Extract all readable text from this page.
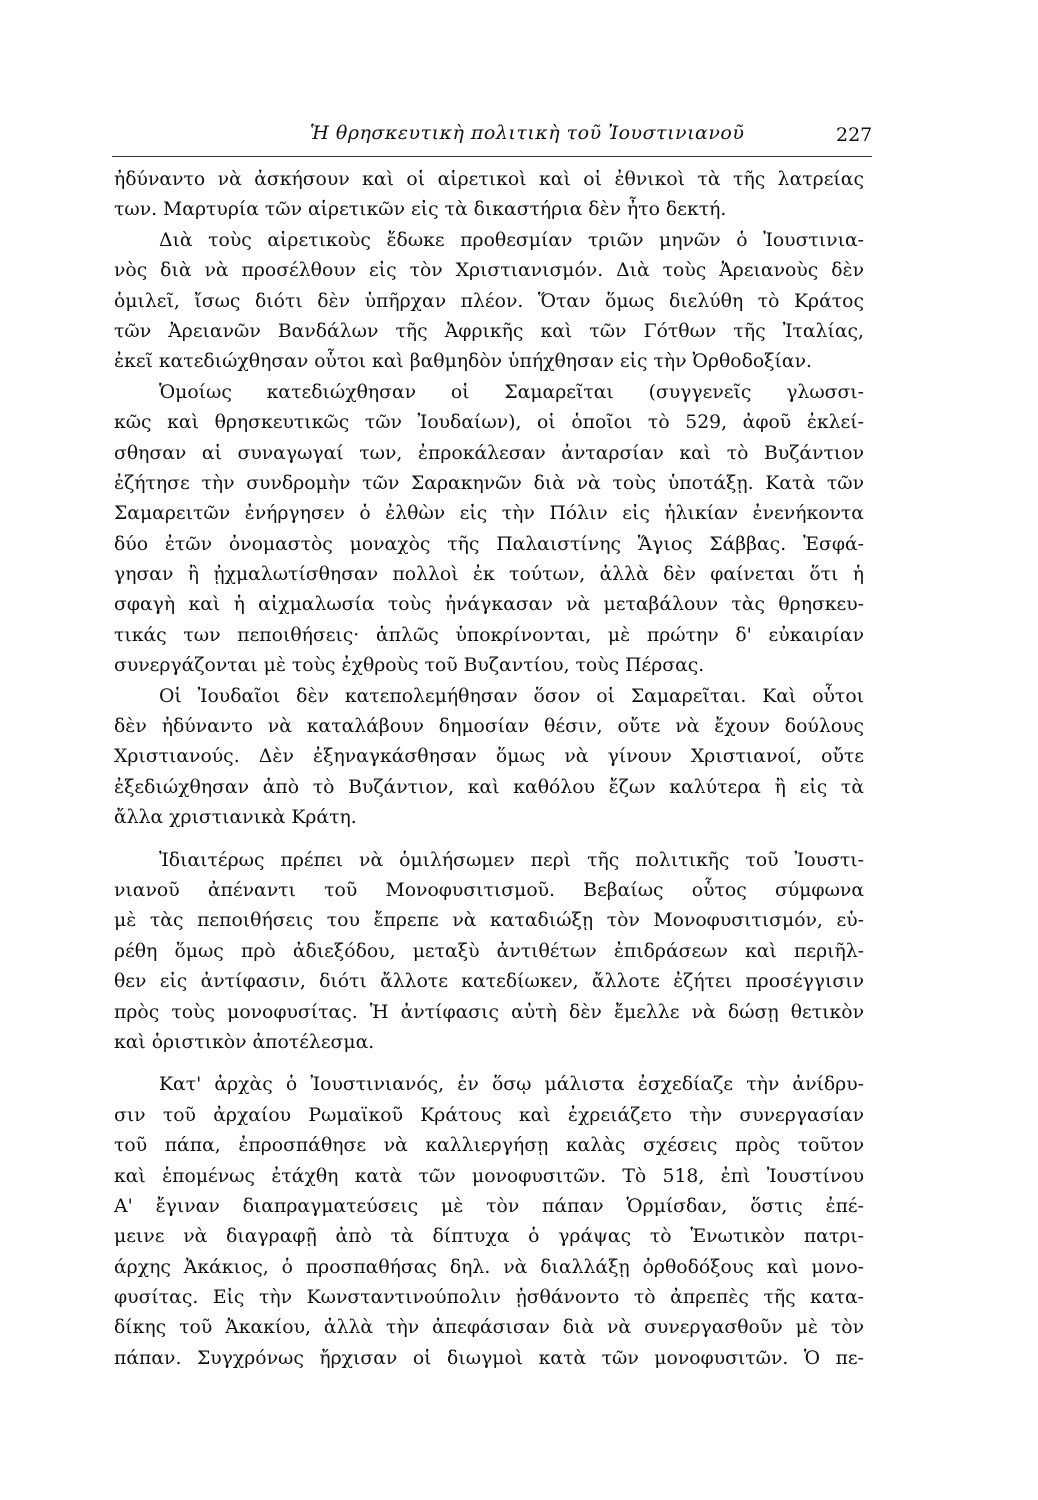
Ἡ θρησκευτικὴ πολιτικὴ τοῦ Ἰουστινιανοῦ	227
ἠδύναντο νὰ ἀσκήσουν καὶ οἱ αἱρετικοὶ καὶ οἱ ἐθνικοὶ τὰ τῆς λατρείας
των. Μαρτυρία τῶν αἱρετικῶν εἰς τὰ δικαστήρια δὲν ἦτο δεκτή.
Διὰ τοὺς αἱρετικοὺς ἔδωκε προθεσμίαν τριῶν μηνῶν ὁ Ἰουστινια-
νὸς διὰ νὰ προσέλθουν εἰς τὸν Χριστιανισμόν. Διὰ τοὺς Ἀρειανοὺς δὲν
ὁμιλεῖ, ἴσως διότι δὲν ὑπῆρχαν πλέον. Ὅταν ὅμως διελύθη τὸ Κράτος
τῶν Ἀρειανῶν Βανδάλων τῆς Ἀφρικῆς καὶ τῶν Γότθων τῆς Ἰταλίας,
ἐκεῖ κατεδιώχθησαν οὗτοι καὶ βαθμηδὸν ὑπήχθησαν εἰς τὴν Ὀρθοδοξίαν.
Ὁμοίως κατεδιώχθησαν οἱ Σαμαρεῖται (συγγενεῖς γλωσσι-
κῶς καὶ θρησκευτικῶς τῶν Ἰουδαίων), οἱ ὁποῖοι τὸ 529, ἀφοῦ ἐκλεί-
σθησαν αἱ συναγωγαί των, ἐπροκάλεσαν ἀνταρσίαν καὶ τὸ Βυζάντιον
ἐζήτησε τὴν συνδρομὴν τῶν Σαρακηνῶν διὰ νὰ τοὺς ὑποτάξῃ. Κατὰ τῶν
Σαμαρειτῶν ἐνήργησεν ὁ ἐλθὼν εἰς τὴν Πόλιν εἰς ἡλικίαν ἐνενήκοντα
δύο ἐτῶν ὀνομαστὸς μοναχὸς τῆς Παλαιστίνης Ἅγιος Σάββας. Ἐσφά-
γησαν ἢ ᾐχμαλωτίσθησαν πολλοὶ ἐκ τούτων, ἀλλὰ δὲν φαίνεται ὅτι ἡ
σφαγὴ καὶ ἡ αἰχμαλωσία τοὺς ἠνάγκασαν νὰ μεταβάλουν τὰς θρησκευ-
τικάς των πεποιθήσεις· ἁπλῶς ὑποκρίνονται, μὲ πρώτην δ' εὐκαιρίαν
συνεργάζονται μὲ τοὺς ἐχθροὺς τοῦ Βυζαντίου, τοὺς Πέρσας.
Οἱ Ἰουδαῖοι δὲν κατεπολεμήθησαν ὅσον οἱ Σαμαρεῖται. Καὶ οὗτοι
δὲν ἠδύναντο νὰ καταλάβουν δημοσίαν θέσιν, οὔτε νὰ ἔχουν δούλους
Χριστιανούς. Δὲν ἐξηναγκάσθησαν ὅμως νὰ γίνουν Χριστιανοί, οὔτε
ἐξεδιώχθησαν ἀπὸ τὸ Βυζάντιον, καὶ καθόλου ἔζων καλύτερα ἢ εἰς τὰ
ἄλλα χριστιανικὰ Κράτη.
Ἰδιαιτέρως πρέπει νὰ ὁμιλήσωμεν περὶ τῆς πολιτικῆς τοῦ Ἰουστι-
νιανοῦ ἀπέναντι τοῦ Μονοφυσιτισμοῦ. Βεβαίως οὗτος σύμφωνα
μὲ τὰς πεποιθήσεις του ἔπρεπε νὰ καταδιώξῃ τὸν Μονοφυσιτισμόν, εὑ-
ρέθη ὅμως πρὸ ἀδιεξόδου, μεταξὺ ἀντιθέτων ἐπιδράσεων καὶ περιῆλ-
θεν εἰς ἀντίφασιν, διότι ἄλλοτε κατεδίωκεν, ἄλλοτε ἐζήτει προσέγγισιν
πρὸς τοὺς μονοφυσίτας. Ἡ ἀντίφασις αὐτὴ δὲν ἔμελλε νὰ δώσῃ θετικὸν
καὶ ὁριστικὸν ἀποτέλεσμα.
Κατ' ἀρχὰς ὁ Ἰουστινιανός, ἐν ὅσῳ μάλιστα ἐσχεδίαζε τὴν ἀνίδρυ-
σιν τοῦ ἀρχαίου Ρωμαϊκοῦ Κράτους καὶ ἐχρειάζετο τὴν συνεργασίαν
τοῦ πάπα, ἐπροσπάθησε νὰ καλλιεργήσῃ καλὰς σχέσεις πρὸς τοῦτον
καὶ ἑπομένως ἐτάχθη κατὰ τῶν μονοφυσιτῶν. Τὸ 518, ἐπὶ Ἰουστίνου
Α' ἔγιναν διαπραγματεύσεις μὲ τὸν πάπαν Ὁρμίσδαν, ὅστις ἐπέ-
μεινε νὰ διαγραφῇ ἀπὸ τὰ δίπτυχα ὁ γράψας τὸ Ἑνωτικὸν πατρι-
άρχης Ἀκάκιος, ὁ προσπαθήσας δηλ. νὰ διαλλάξῃ ὀρθοδόξους καὶ μονο-
φυσίτας. Εἰς τὴν Κωνσταντινούπολιν ᾐσθάνοντο τὸ ἀπρεπὲς τῆς κατα-
δίκης τοῦ Ἀκακίου, ἀλλὰ τὴν ἀπεφάσισαν διὰ νὰ συνεργασθοῦν μὲ τὸν
πάπαν. Συγχρόνως ἤρχισαν οἱ διωγμοὶ κατὰ τῶν μονοφυσιτῶν. Ὁ πε-
